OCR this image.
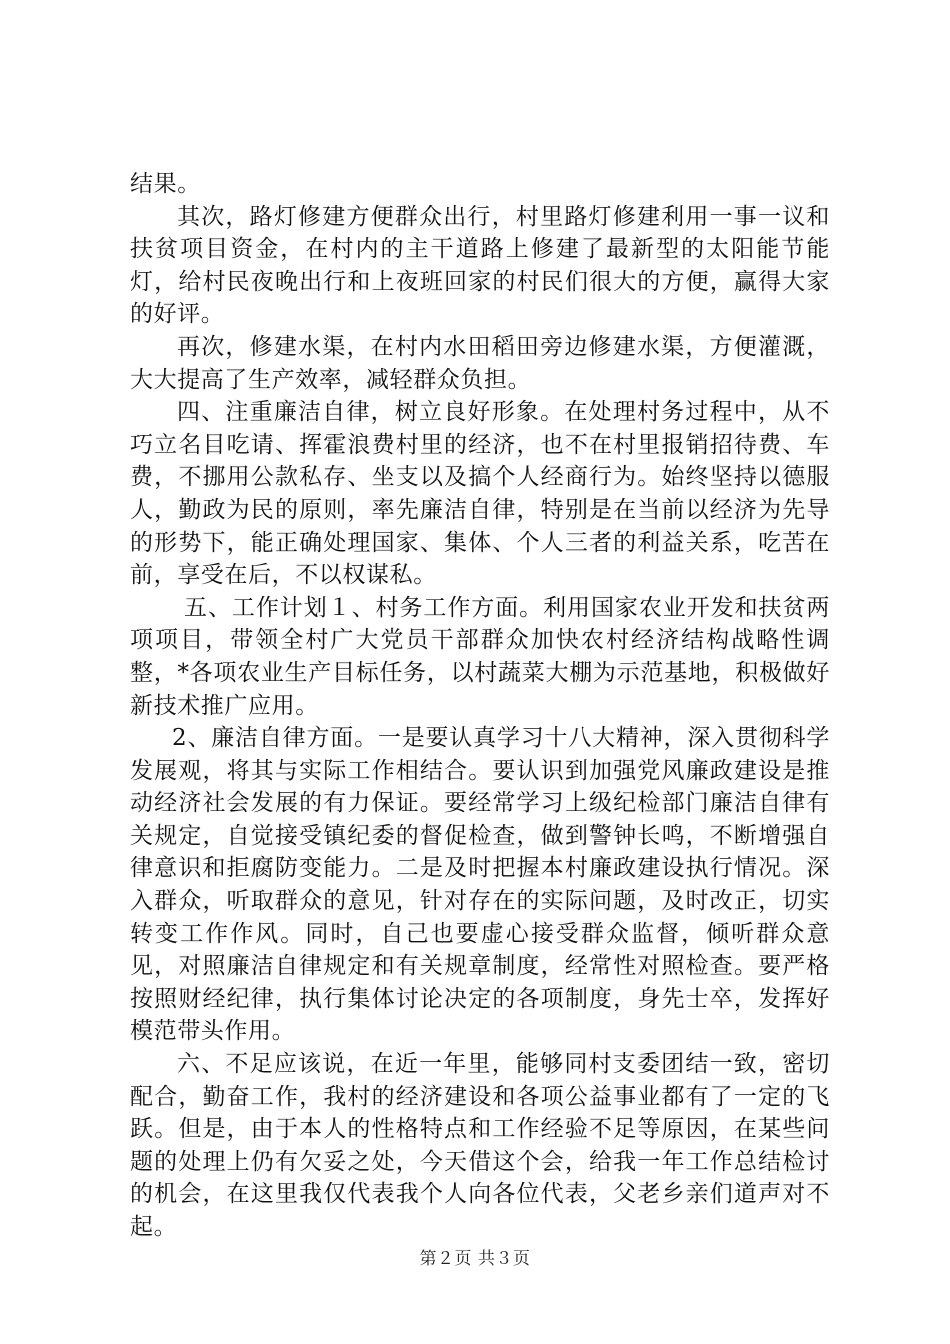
结果。

其次，路灯修建方便群众出行，村里路灯修建利用一事一议和扶贫项目资金，在村内的主干道路上修建了最新型的太阳能节能灯，给村民夜晚出行和上夜班回家的村民们很大的方便，赢得大家的好评。

再次，修建水渠，在村内水田稻田旁边修建水渠，方便灌溉，大大提高了生产效率，减轻群众负担。

四、注重廉洁自律，树立良好形象。在处理村务过程中，从不巧立名目吃请、挥霍浪费村里的经济，也不在村里报销招待费、车费，不挪用公款私存、坐支以及搞个人经商行为。始终坚持以德服人，勤政为民的原则，率先廉洁自律，特别是在当前以经济为先导的形势下，能正确处理国家、集体、个人三者的利益关系，吃苦在前，享受在后，不以权谋私。

五、工作计划１、村务工作方面。利用国家农业开发和扶贫两项项目，带领全村广大党员干部群众加快农村经济结构战略性调整，*各项农业生产目标任务，以村蔬菜大棚为示范基地，积极做好新技术推广应用。

2、廉洁自律方面。一是要认真学习十八大精神，深入贯彻科学发展观，将其与实际工作相结合。要认识到加强党风廉政建设是推动经济社会发展的有力保证。要经常学习上级纪检部门廉洁自律有关规定，自觉接受镇纪委的督促检查，做到警钟长鸣，不断增强自律意识和拒腐防变能力。二是及时把握本村廉政建设执行情况。深入群众，听取群众的意见，针对存在的实际问题，及时改正，切实转变工作作风。同时，自己也要虚心接受群众监督，倾听群众意见，对照廉洁自律规定和有关规章制度，经常性对照检查。要严格按照财经纪律，执行集体讨论决定的各项制度，身先士卒，发挥好模范带头作用。

六、不足应该说，在近一年里，能够同村支委团结一致，密切配合，勤奋工作，我村的经济建设和各项公益事业都有了一定的飞跃。但是，由于本人的性格特点和工作经验不足等原因，在某些问题的处理上仍有欠妥之处，今天借这个会，给我一年工作总结检讨的机会，在这里我仅代表我个人向各位代表，父老乡亲们道声对不起。

第２页 共３页
